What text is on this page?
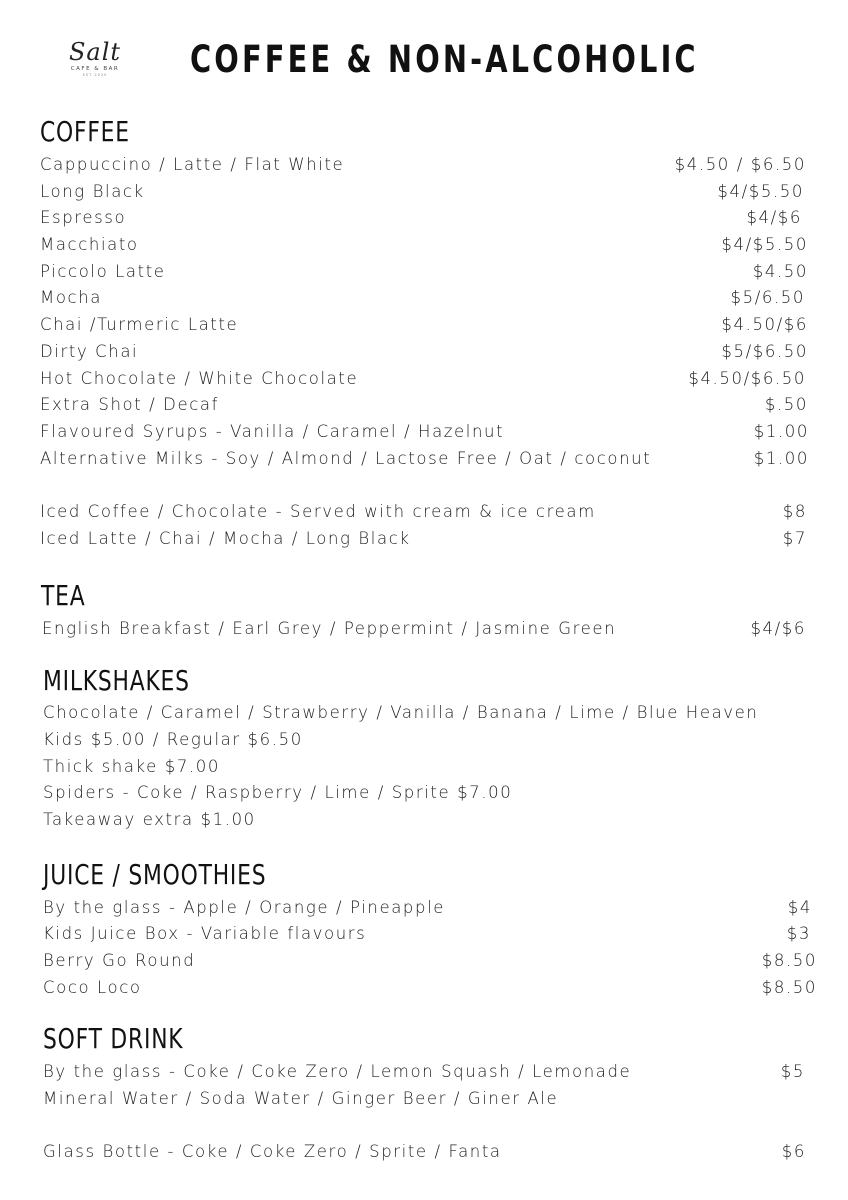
Salt
CAFE & BAR
EST 2020	COFFEE & NON-ALCOHOLIC
COFFEE
Cappuccino / Latte / Flat White	$4.50 / $6.50
Long Black	$4/$5.50
Espresso	$4/$6
Macchiato	$4/$5.50
Piccolo Latte	$4.50
Mocha	$5/6.50
Chai /Turmeric Latte	$4.50/$6
Dirty Chai	$5/$6.50
Hot Chocolate / White Chocolate	$4.50/$6.50
Extra Shot / Decaf	$.50
Flavoured Syrups - Vanilla / Caramel / Hazelnut	$1.00
Alternative Milks - Soy / Almond / Lactose Free / Oat / coconut	$1.00
Iced Coffee / Chocolate - Served with cream & ice cream	$8
Iced Latte / Chai / Mocha / Long Black	$7
TEA
English Breakfast / Earl Grey / Peppermint / Jasmine Green	$4/$6
MILKSHAKES
Chocolate / Caramel / Strawberry / Vanilla / Banana / Lime / Blue Heaven
Kids $5.00 / Regular $6.50
Thick shake $7.00
Spiders - Coke / Raspberry / Lime / Sprite $7.00
Takeaway extra $1.00
JUICE / SMOOTHIES
By the glass - Apple / Orange / Pineapple	$4
Kids Juice Box - Variable flavours	$3
Berry Go Round	$8.50
Coco Loco	$8.50
SOFT DRINK
By the glass - Coke / Coke Zero / Lemon Squash / Lemonade	$5
Mineral Water / Soda Water / Ginger Beer / Giner Ale
Glass Bottle - Coke / Coke Zero / Sprite / Fanta	$6
